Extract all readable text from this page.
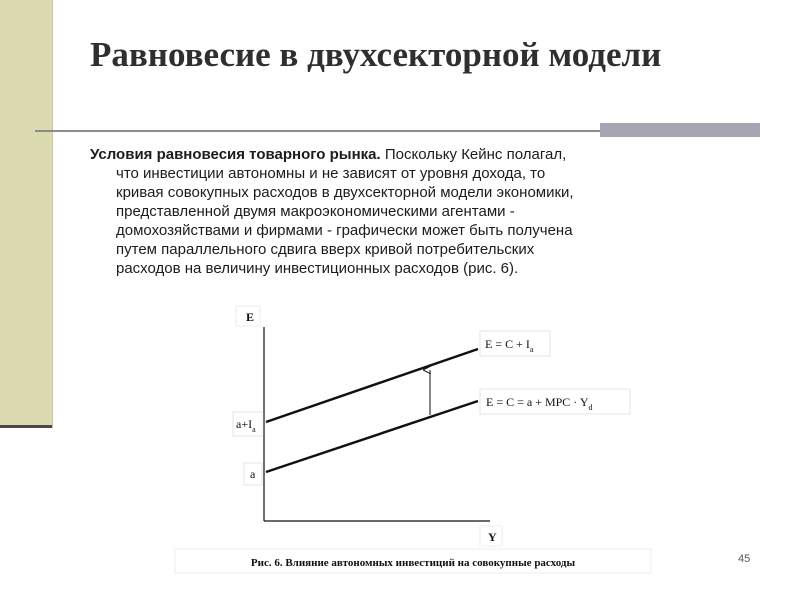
Равновесие в двухсекторной модели
Условия равновесия товарного рынка. Поскольку Кейнс полагал,
что инвестиции автономны и не зависят от уровня дохода, то
кривая совокупных расходов в двухсекторной модели экономики,
представленной двумя макроэкономическими агентами -
домохозяйствами и фирмами - графически может быть получена
путем параллельного сдвига вверх кривой потребительских
расходов на величину инвестиционных расходов (рис. 6).
E
Y
$E = C + I_a$
E = C = a + MPC · $Y_d$
$a+I_a$
a
Рис. 6. Влияние автономных инвестиций на совокупные расходы	45
